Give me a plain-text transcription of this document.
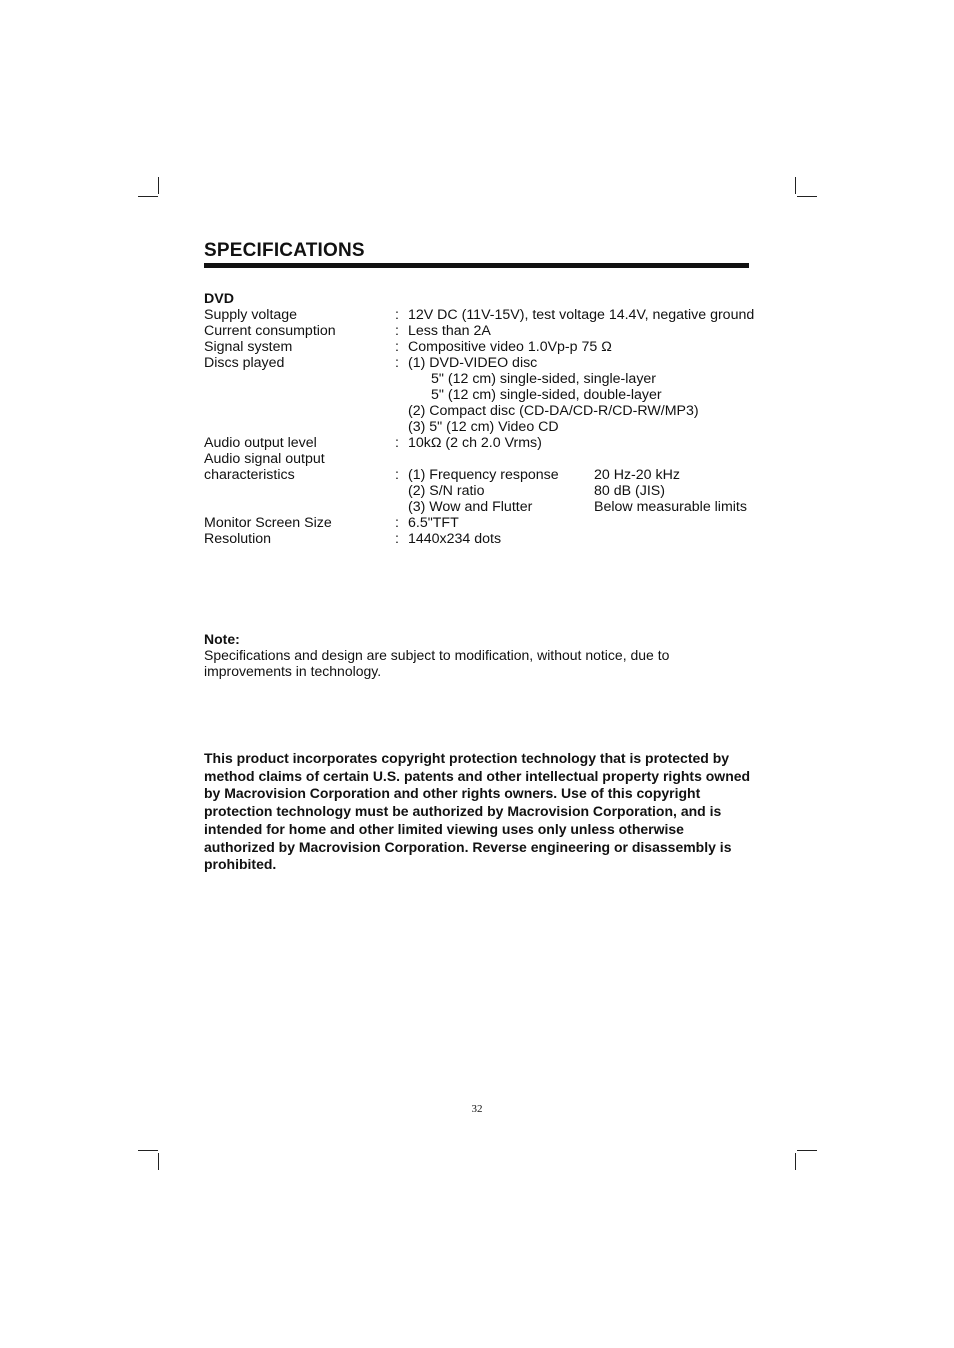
SPECIFICATIONS
DVD
Supply voltage	: 12V DC (11V-15V), test voltage 14.4V, negative ground
Current consumption	: Less than 2A
Signal system	: Compositive video 1.0Vp-p 75 Ω
Discs played	: (1) DVD-VIDEO disc
5" (12 cm) single-sided, single-layer
5" (12 cm) single-sided, double-layer
(2) Compact disc (CD-DA/CD-R/CD-RW/MP3)
(3) 5" (12 cm) Video CD
Audio output level	: 10kΩ (2 ch 2.0 Vrms)
Audio signal output
characteristics	: (1) Frequency response 20 Hz-20 kHz
(2) S/N ratio	80 dB (JIS)
(3) Wow and Flutter	Below measurable limits
Monitor Screen Size	: 6.5"TFT
Resolution	: 1440x234 dots
Note:
Specifications and design are subject to modification, without notice, due to improvements in technology.
This product incorporates copyright protection technology that is protected by method claims of certain U.S. patents and other intellectual property rights owned by Macrovision Corporation and other rights owners. Use of this copyright protection technology must be authorized by Macrovision Corporation, and is intended for home and other limited viewing uses only unless otherwise authorized by Macrovision Corporation. Reverse engineering or disassembly is prohibited.
32
